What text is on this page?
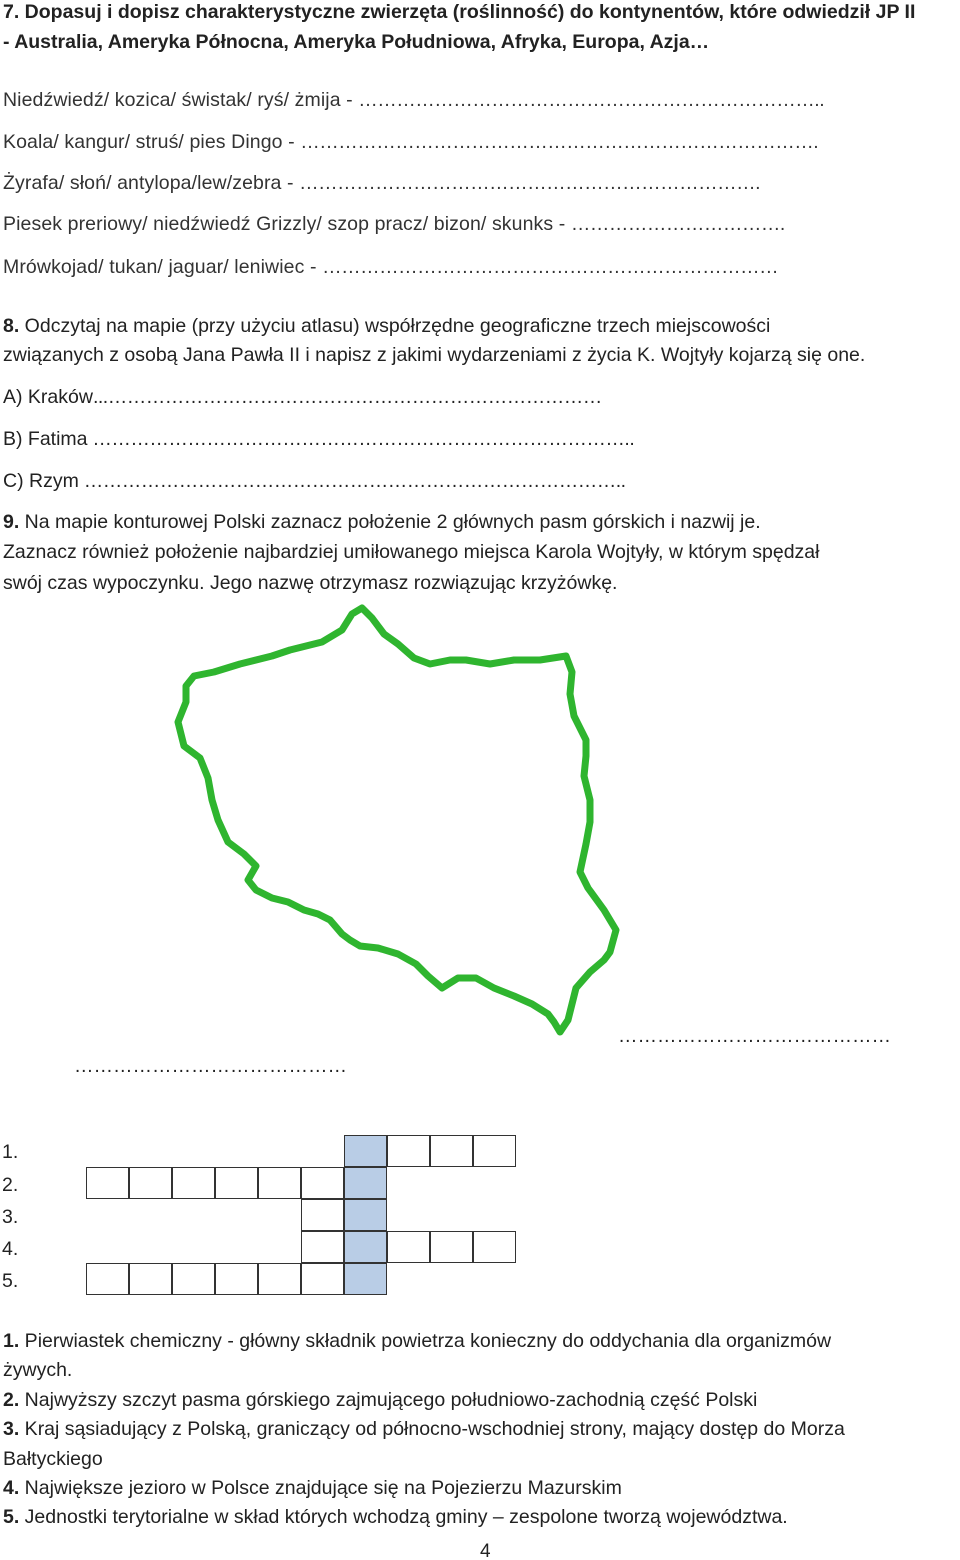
7. Dopasuj i dopisz charakterystyczne zwierzęta (roślinność) do kontynentów, które odwiedził JP II
- Australia, Ameryka Północna, Ameryka Południowa, Afryka, Europa, Azja…
Niedźwiedź/ kozica/ świstak/ ryś/ żmija - ………………………………………………………………..
Koala/ kangur/ struś/ pies Dingo - ……………………………………………………………………….
Żyrafa/ słoń/ antylopa/lew/zebra - ……………………………………………………………….
Piesek preriowy/ niedźwiedź Grizzly/ szop pracz/ bizon/ skunks - …………………………….
Mrówkojad/ tukan/ jaguar/ leniwiec - ………………………………………………………………
8. Odczytaj na mapie (przy użyciu atlasu) współrzędne geograficzne trzech miejscowości
związanych z osobą Jana Pawła II i napisz z jakimi wydarzeniami z życia K. Wojtyły kojarzą się one.
A) Kraków...……………………………………………………………………
B) Fatima …………………………………………………………………………..
C) Rzym …………………………………………………………………………..
9. Na mapie konturowej Polski zaznacz położenie 2 głównych pasm górskich i nazwij je.
Zaznacz również położenie najbardziej umiłowanego miejsca Karola Wojtyły, w którym spędzał
swój czas wypoczynku. Jego nazwę otrzymasz rozwiązując krzyżówkę.
……………………………………
……………………………………
1.
2.
3.
4.
5.
1. Pierwiastek chemiczny - główny składnik powietrza konieczny do oddychania dla organizmów
żywych.
2. Najwyższy szczyt pasma górskiego zajmującego południowo-zachodnią część Polski
3. Kraj sąsiadujący z Polską, graniczący od północno-wschodniej strony, mający dostęp do Morza
Bałtyckiego
4. Największe jezioro w Polsce znajdujące się na Pojezierzu Mazurskim
5. Jednostki terytorialne w skład których wchodzą gminy – zespolone tworzą województwa.
4
